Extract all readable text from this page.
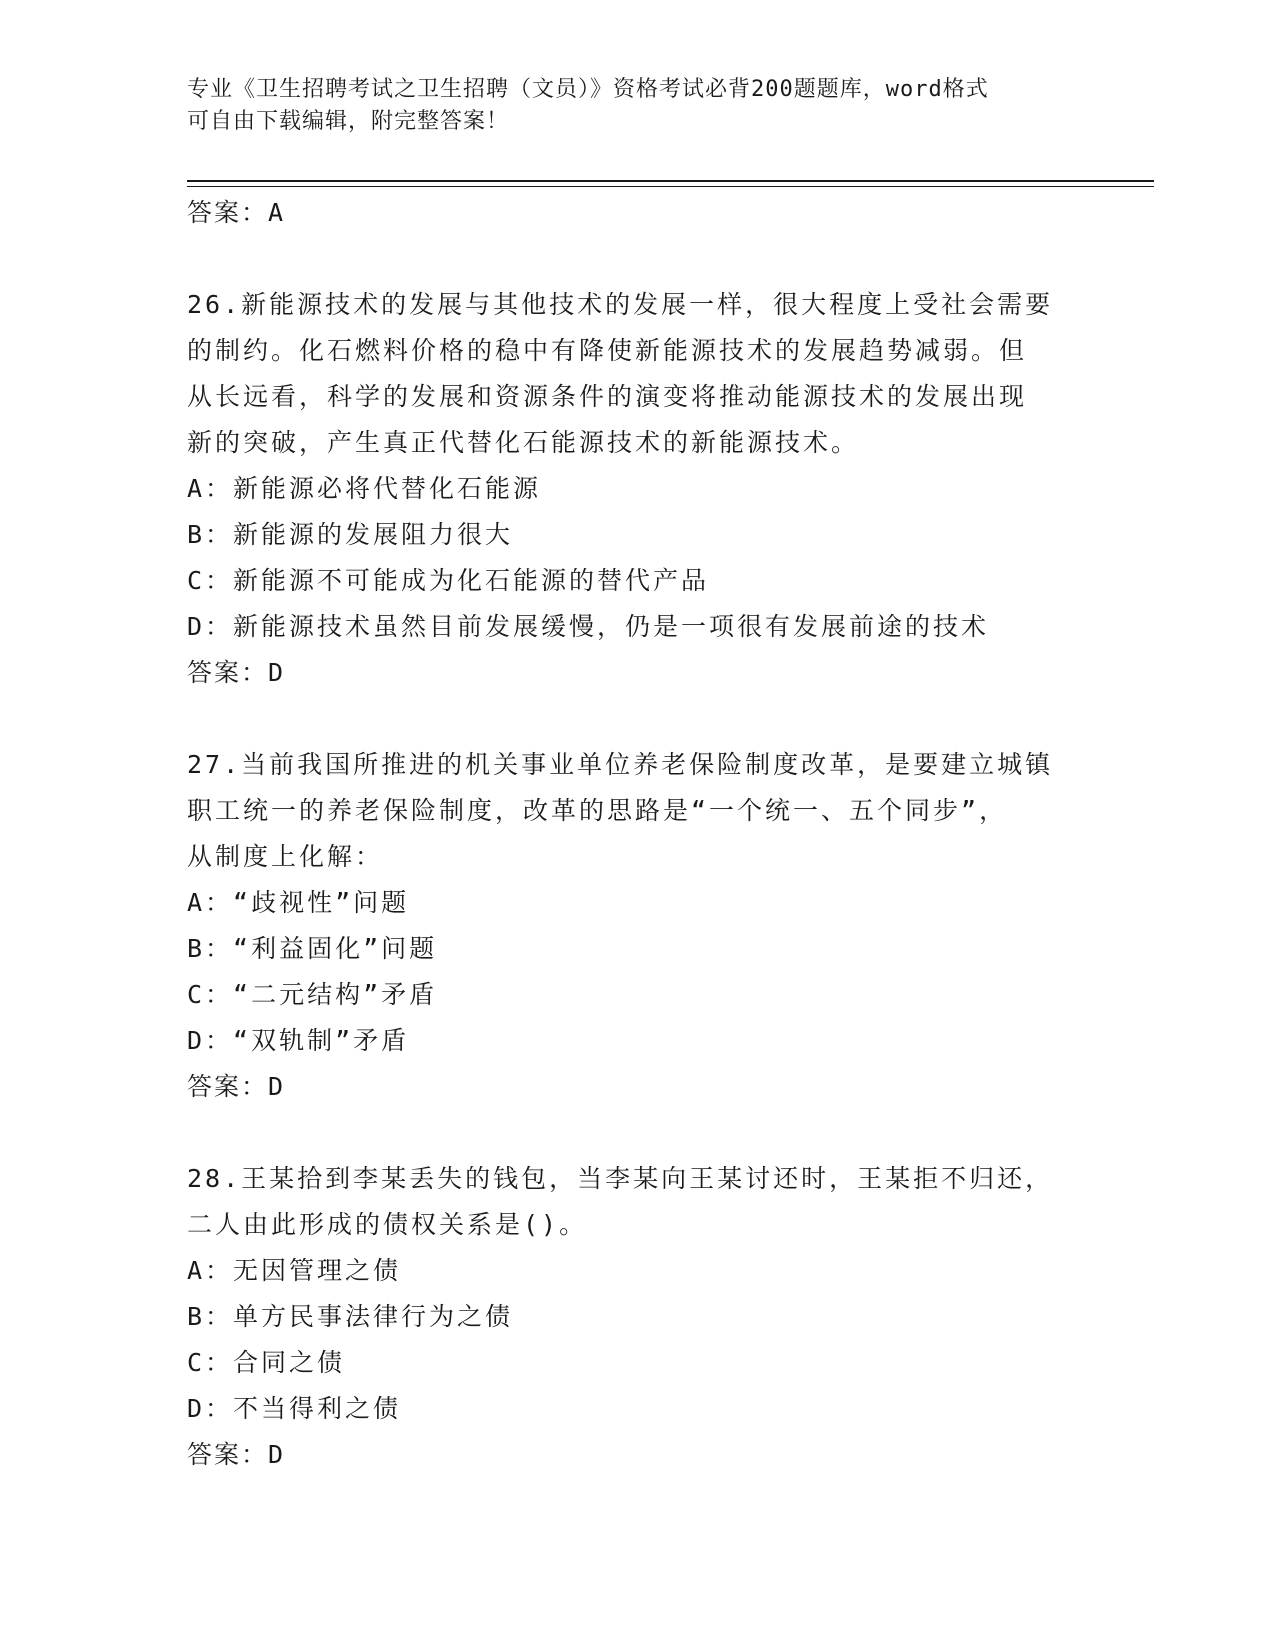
专业《卫生招聘考试之卫生招聘（文员）》资格考试必背200题题库，word格式
可自由下载编辑，附完整答案！
答案：A
26.新能源技术的发展与其他技术的发展一样，很大程度上受社会需要
的制约。化石燃料价格的稳中有降使新能源技术的发展趋势减弱。但
从长远看，科学的发展和资源条件的演变将推动能源技术的发展出现
新的突破，产生真正代替化石能源技术的新能源技术。
A：新能源必将代替化石能源
B：新能源的发展阻力很大
C：新能源不可能成为化石能源的替代产品
D：新能源技术虽然目前发展缓慢，仍是一项很有发展前途的技术
答案：D
27.当前我国所推进的机关事业单位养老保险制度改革，是要建立城镇
职工统一的养老保险制度，改革的思路是“一个统一、五个同步”，
从制度上化解：
A：“歧视性”问题
B：“利益固化”问题
C：“二元结构”矛盾
D：“双轨制”矛盾
答案：D
28.王某拾到李某丢失的钱包，当李某向王某讨还时，王某拒不归还，
二人由此形成的债权关系是()。
A：无因管理之债
B：单方民事法律行为之债
C：合同之债
D：不当得利之债
答案：D
